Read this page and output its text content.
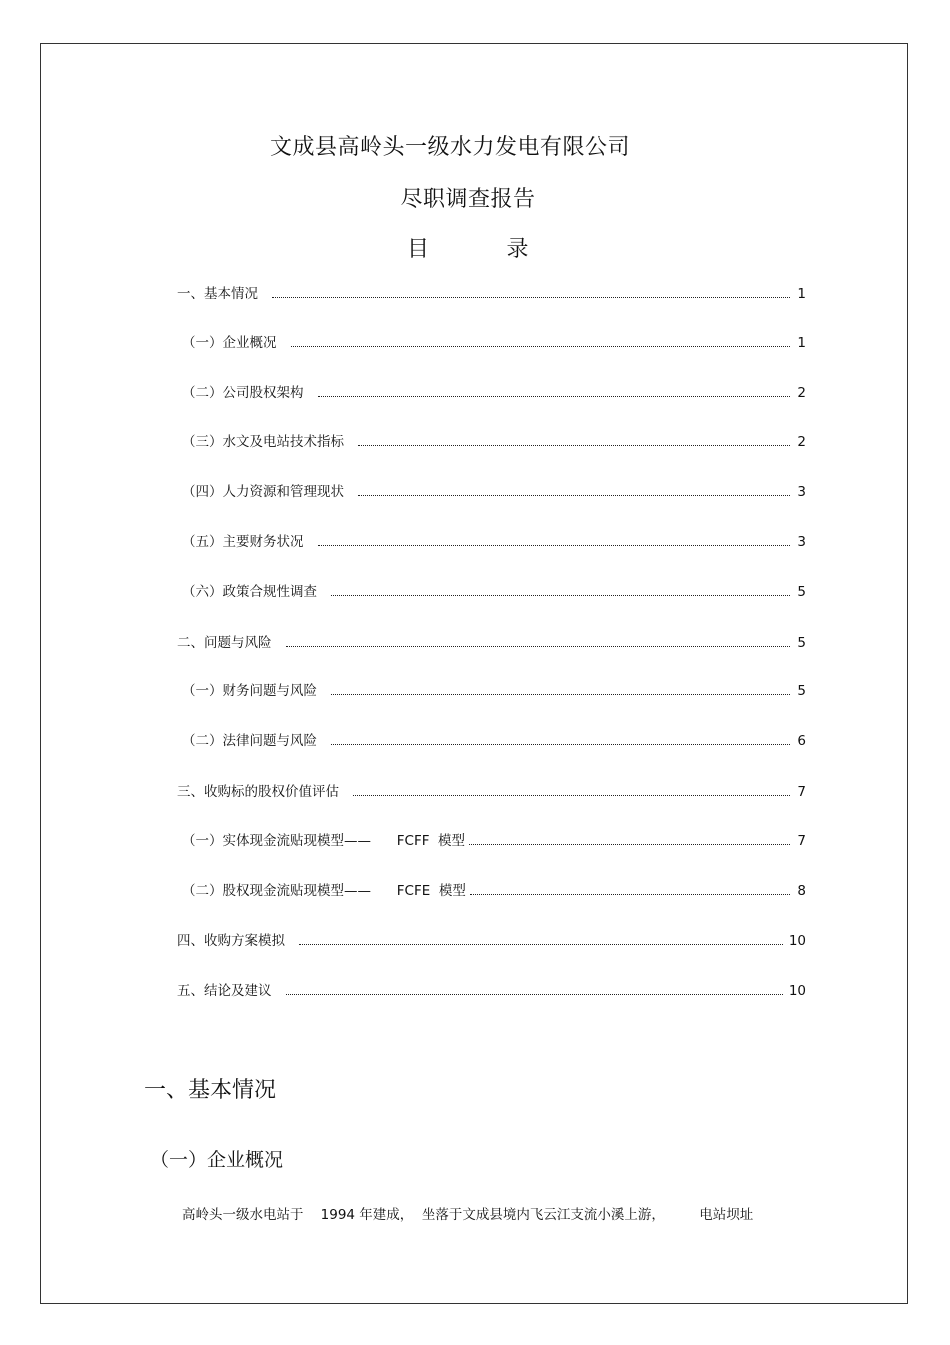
文成县高岭头一级水力发电有限公司
尽职调查报告
目	录
一、基本情况	1
（一）企业概况	1
（二）公司股权架构	2
（三）水文及电站技术指标	2
（四）人力资源和管理现状	3
（五）主要财务状况	3
（六）政策合规性调查	5
二、问题与风险	5
（一）财务问题与风险	5
（二）法律问题与风险	6
三、收购标的股权价值评估	7
（一）实体现金流贴现模型——      FCFF  模型	7
（二）股权现金流贴现模型——      FCFE  模型	8
四、收购方案模拟	10
五、结论及建议	10
一、基本情况
（一）企业概况
高岭头一级水电站于    1994 年建成，  坐落于文成县境内飞云江支流小溪上游，        电站坝址
